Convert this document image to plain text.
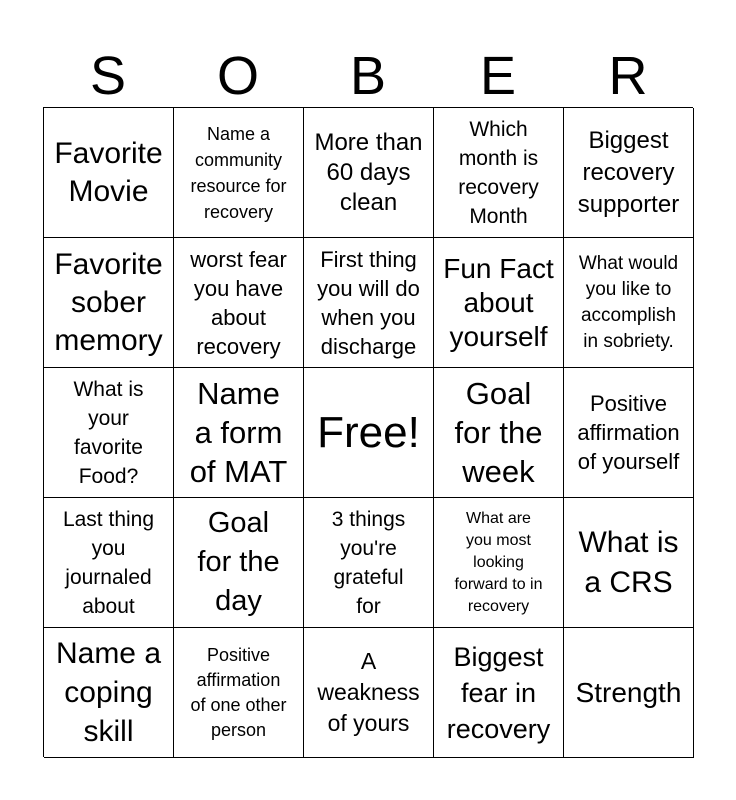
S	O	B	E	R
Favorite
Movie
Name a
community
resource for
recovery
More than
60 days
clean
Which
month is
recovery
Month
Biggest
recovery
supporter
Favorite
sober
memory
worst fear
you have
about
recovery
First thing
you will do
when you
discharge
Fun Fact
about
yourself
What would
you like to
accomplish
in sobriety.
What is
your
favorite
Food?
Name
a form
of MAT
Free!
Goal
for the
week
Positive
affirmation
of yourself
Last thing
you
journaled
about
Goal
for the
day
3 things
you're
grateful
for
What are
you most
looking
forward to in
recovery
What is
a CRS
Name a
coping
skill
Positive
affirmation
of one other
person
A
weakness
of yours
Biggest
fear in
recovery
Strength
